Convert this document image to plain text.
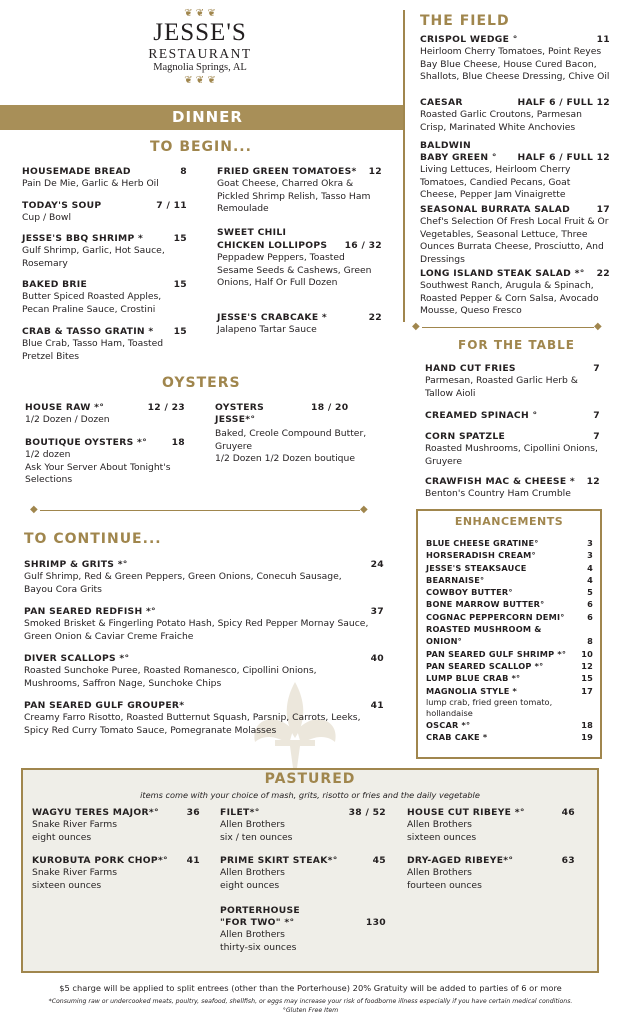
❦ ❦ ❦
JESSE'S
RESTAURANT
Magnolia Springs, AL
❦ ❦ ❦
DINNER
TO BEGIN...
HOUSEMADE BREAD	8
Pain De Mie, Garlic & Herb Oil
TODAY'S SOUP	7 / 11
Cup / Bowl
JESSE'S BBQ SHRIMP *	15
Gulf Shrimp, Garlic, Hot Sauce, Rosemary
BAKED BRIE	15
Butter Spiced Roasted Apples, Pecan Praline Sauce, Crostini
CRAB & TASSO GRATIN * 15
Blue Crab, Tasso Ham, Toasted Pretzel Bites
FRIED GREEN TOMATOES* 12
Goat Cheese, Charred Okra & Pickled Shrimp Relish, Tasso Ham Remoulade
SWEET CHILI
CHICKEN LOLLIPOPS 16 / 32
Peppadew Peppers, Toasted Sesame Seeds & Cashews, Green Onions, Half Or Full Dozen
JESSE'S CRABCAKE *	22
Jalapeno Tartar Sauce
OYSTERS
HOUSE RAW *°	12 / 23
1/2 Dozen / Dozen
BOUTIQUE OYSTERS *°	18
1/2 dozen
Ask Your Server About Tonight's Selections
OYSTERS	18 / 20
JESSE*°
Baked, Creole Compound Butter, Gruyere
1/2 Dozen 1/2 Dozen boutique
◆	◆
TO CONTINUE...
SHRIMP & GRITS *°	24
Gulf Shrimp, Red & Green Peppers, Green Onions, Conecuh Sausage, Bayou Cora Grits
PAN SEARED REDFISH *°	37
Smoked Brisket & Fingerling Potato Hash, Spicy Red Pepper Mornay Sauce, Green Onion & Caviar Creme Fraiche
DIVER SCALLOPS *°	40
Roasted Sunchoke Puree, Roasted Romanesco, Cipollini Onions, Mushrooms, Saffron Nage, Sunchoke Chips
PAN SEARED GULF GROUPER*	41
Creamy Farro Risotto, Roasted Butternut Squash, Parsnip, Carrots, Leeks, Spicy Red Curry Tomato Sauce, Pomegranate Molasses
THE FIELD
CRISPOL WEDGE °	11
Heirloom Cherry Tomatoes, Point Reyes Bay Blue Cheese, House Cured Bacon, Shallots, Blue Cheese Dressing, Chive Oil
CAESAR	HALF 6 / FULL 12
Roasted Garlic Croutons, Parmesan Crisp, Marinated White Anchovies
BALDWIN
BABY GREEN ° HALF 6 / FULL 12
Living Lettuces, Heirloom Cherry Tomatoes, Candied Pecans, Goat Cheese, Pepper Jam Vinaigrette
SEASONAL BURRATA SALAD	17
Chef's Selection Of Fresh Local Fruit & Or Vegetables, Seasonal Lettuce, Three Ounces Burrata Cheese, Prosciutto, And Dressings
LONG ISLAND STEAK SALAD *° 22
Southwest Ranch, Arugula & Spinach, Roasted Pepper & Corn Salsa, Avocado Mousse, Queso Fresco
◆	◆
FOR THE TABLE
HAND CUT FRIES	7
Parmesan, Roasted Garlic Herb & Tallow Aioli
CREAMED SPINACH °	7
CORN SPATZLE	7
Roasted Mushrooms, Cipollini Onions, Gruyere
CRAWFISH MAC & CHEESE * 12
Benton's Country Ham Crumble
ENHANCEMENTS
BLUE CHEESE GRATINE°	3
HORSERADISH CREAM°	3
JESSE'S STEAKSAUCE	4
BEARNAISE°	4
COWBOY BUTTER°	5
BONE MARROW BUTTER°	6
COGNAC PEPPERCORN DEMI°	6
ROASTED MUSHROOM &
ONION°	8
PAN SEARED GULF SHRIMP *° 10
PAN SEARED SCALLOP *°	12
LUMP BLUE CRAB *°	15
MAGNOLIA STYLE *	17
lump crab, fried green tomato, hollandaise
OSCAR *°	18
CRAB CAKE *	19
PASTURED
items come with your choice of mash, grits, risotto or fries and the daily vegetable
WAGYU TERES MAJOR*°	36
Snake River Farms
eight ounces
KUROBUTA PORK CHOP*° 41
Snake River Farms
sixteen ounces
FILET*°	38 / 52
Allen Brothers
six / ten ounces
PRIME SKIRT STEAK*°	45
Allen Brothers
eight ounces
PORTERHOUSE
"FOR TWO" *°	130
Allen Brothers
thirty-six ounces
HOUSE CUT RIBEYE *°	46
Allen Brothers
sixteen ounces
DRY-AGED RIBEYE*°	63
Allen Brothers
fourteen ounces
$5 charge will be applied to split entrees (other than the Porterhouse) 20% Gratuity will be added to parties of 6 or more
*Consuming raw or undercooked meats, poultry, seafood, shellfish, or eggs may increase your risk of foodborne illness especially if you have certain medical conditions.
°Gluten Free Item
